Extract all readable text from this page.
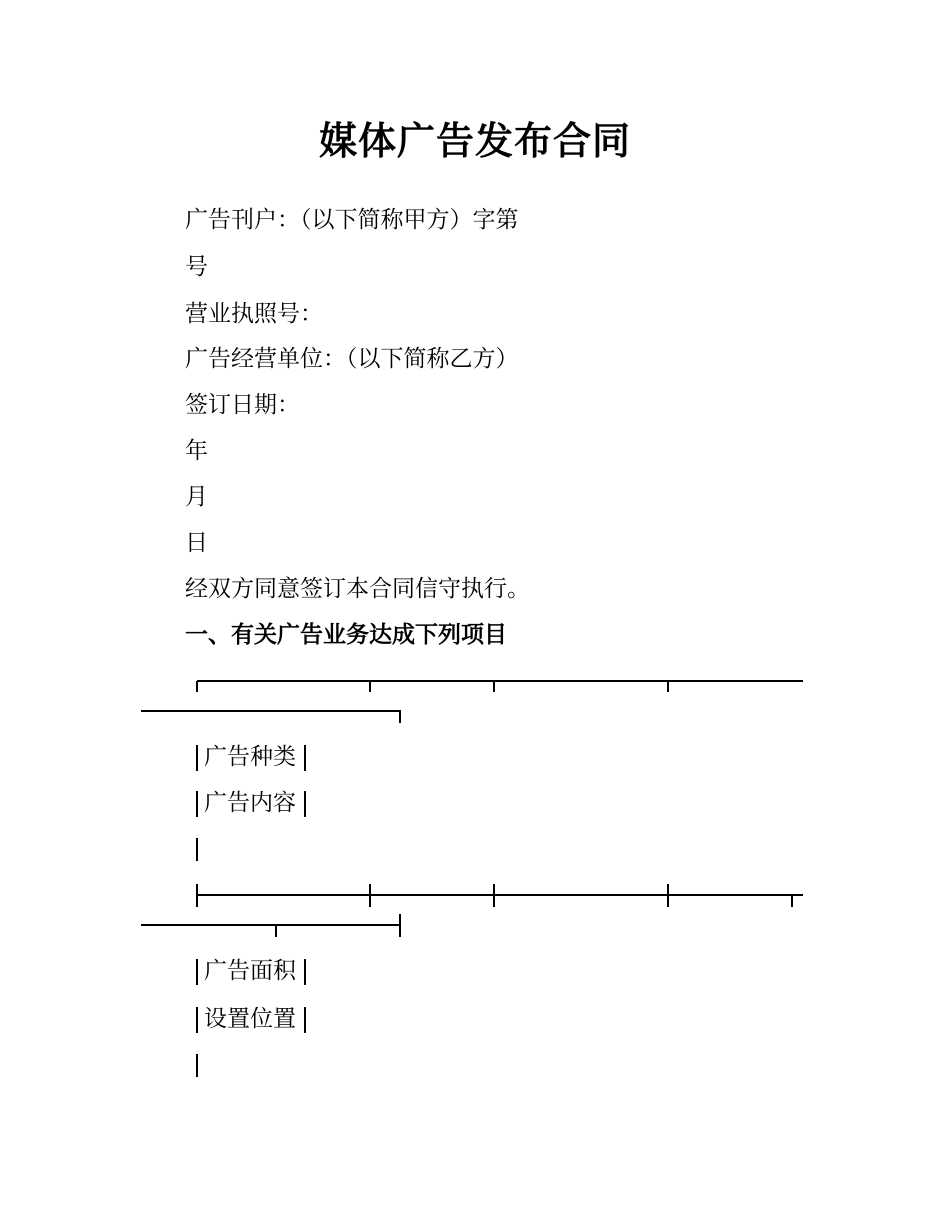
媒体广告发布合同
广告刊户：（以下简称甲方）字第
号
营业执照号：
广告经营单位：（以下简称乙方）
签订日期：
年
月
日
经双方同意签订本合同信守执行。
一、有关广告业务达成下列项目
广告种类
广告内容
广告面积
设置位置
